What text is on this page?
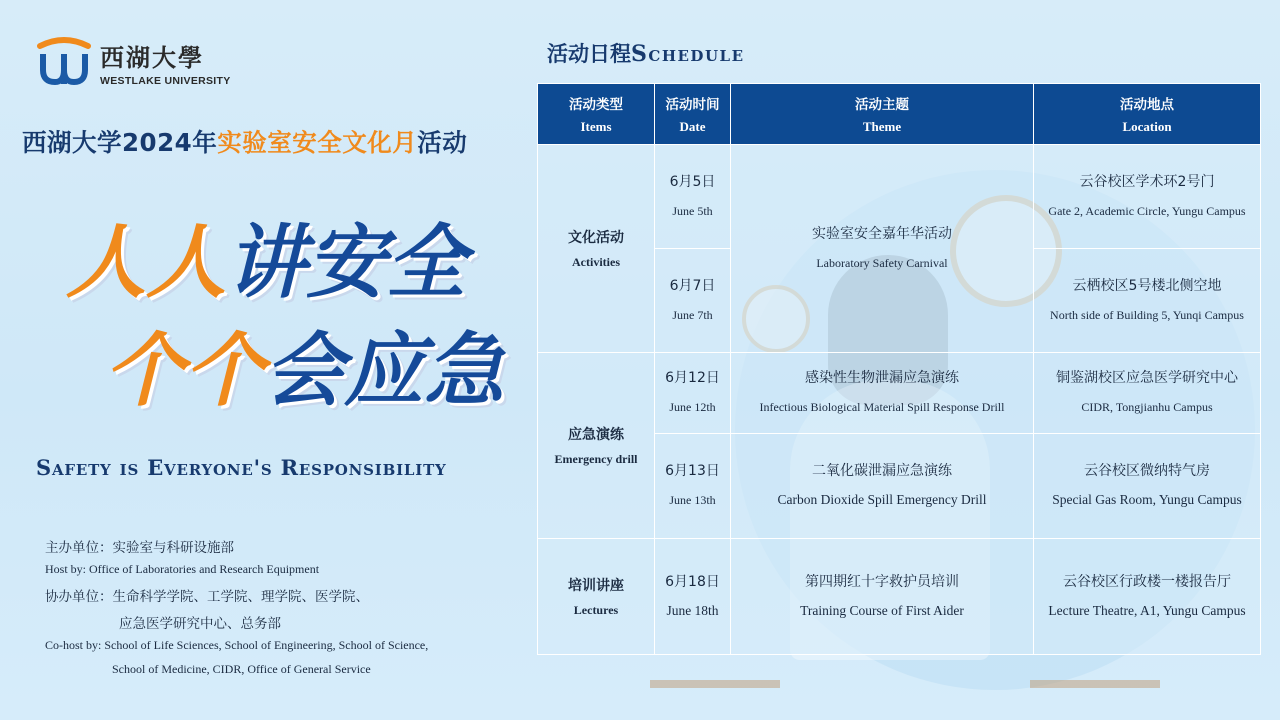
西湖大學
WESTLAKE UNIVERSITY
西湖大学2024年实验室安全文化月活动
人人讲安全
个个会应急
Safety is Everyone's Responsibility
主办单位：实验室与科研设施部
Host by: Office of Laboratories and Research Equipment
协办单位：生命科学学院、工学院、理学院、医学院、
应急医学研究中心、总务部
Co-host by: School of Life Sciences, School of Engineering, School of Science,
School of Medicine, CIDR, Office of General Service
活动日程Schedule
活动类型
Items	活动时间
Date	活动主题
Theme	活动地点
Location

文化活动
Activities	6月5日
June 5th	实验室安全嘉年华活动
Laboratory Safety Carnival	云谷校区学术环2号门
Gate 2, Academic Circle, Yungu Campus

	6月7日
June 7th		云栖校区5号楼北侧空地
North side of Building 5, Yunqi Campus

应急演练
Emergency drill	6月12日
June 12th	感染性生物泄漏应急演练
Infectious Biological Material Spill Response Drill	铜鉴湖校区应急医学研究中心
CIDR, Tongjianhu Campus

	6月13日
June 13th	二氧化碳泄漏应急演练
Carbon Dioxide Spill Emergency Drill	云谷校区微纳特气房
Special Gas Room, Yungu Campus

培训讲座
Lectures	6月18日
June 18th	第四期红十字救护员培训
Training Course of First Aider	云谷校区行政楼一楼报告厅
Lecture Theatre, A1, Yungu Campus
